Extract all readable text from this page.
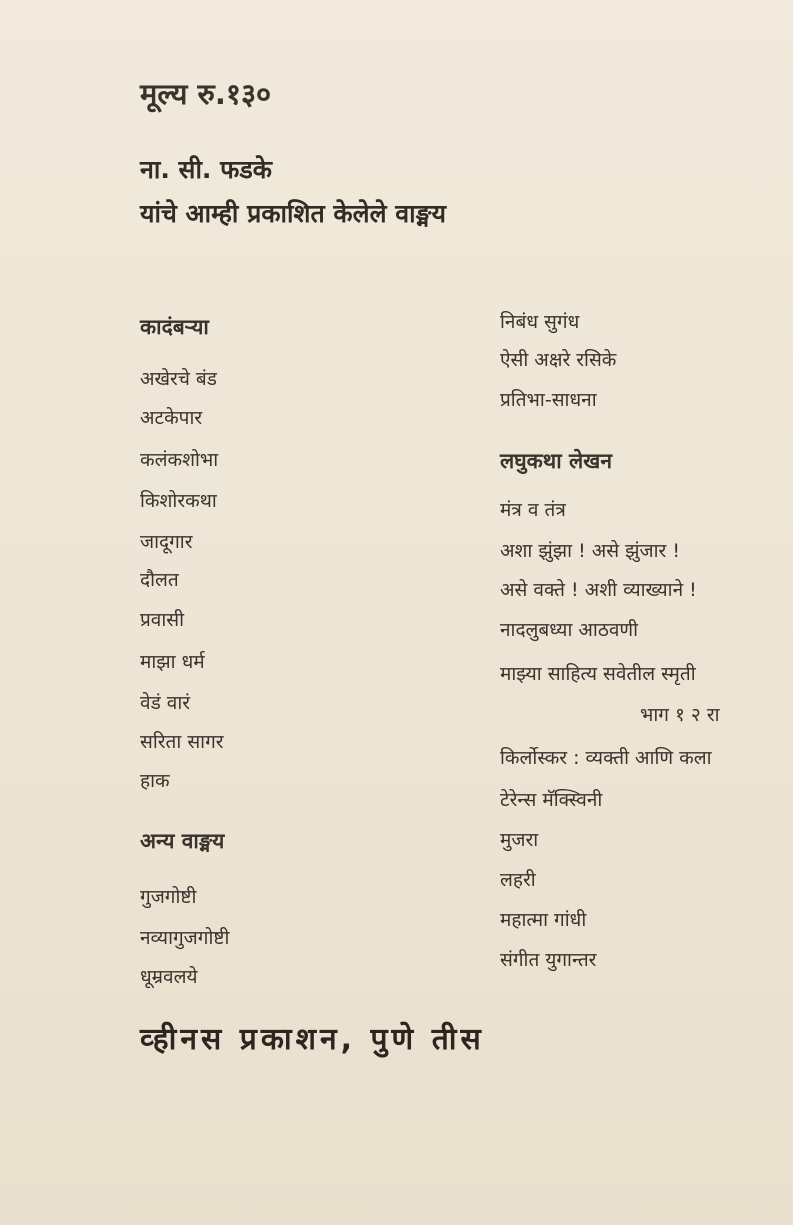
मूल्य रु.१३०
ना. सी. फडके
यांचे आम्ही प्रकाशित केलेले वाङ्मय
कादंबऱ्या
अखेरचे बंड
अटकेपार
कलंकशोभा
किशोरकथा
जादूगार
दौलत
प्रवासी
माझा धर्म
वेडं वारं
सरिता सागर
हाक
अन्य वाङ्मय
गुजगोष्टी
नव्यागुजगोष्टी
धूम्रवलये
निबंध सुगंध
ऐसी अक्षरे रसिके
प्रतिभा-साधना
लघुकथा लेखन
मंत्र व तंत्र
अशा झुंझा ! असे झुंजार !
असे वक्ते ! अशी व्याख्याने !
नादलुबध्या आठवणी
माझ्या साहित्य सवेतील स्मृती
भाग १ २ रा
किर्लोस्कर : व्यक्ती आणि कला
टेरेन्स मॅक्स्विनी
मुजरा
लहरी
महात्मा गांधी
संगीत युगान्तर
व्हीनस प्रकाशन, पुणे तीस
